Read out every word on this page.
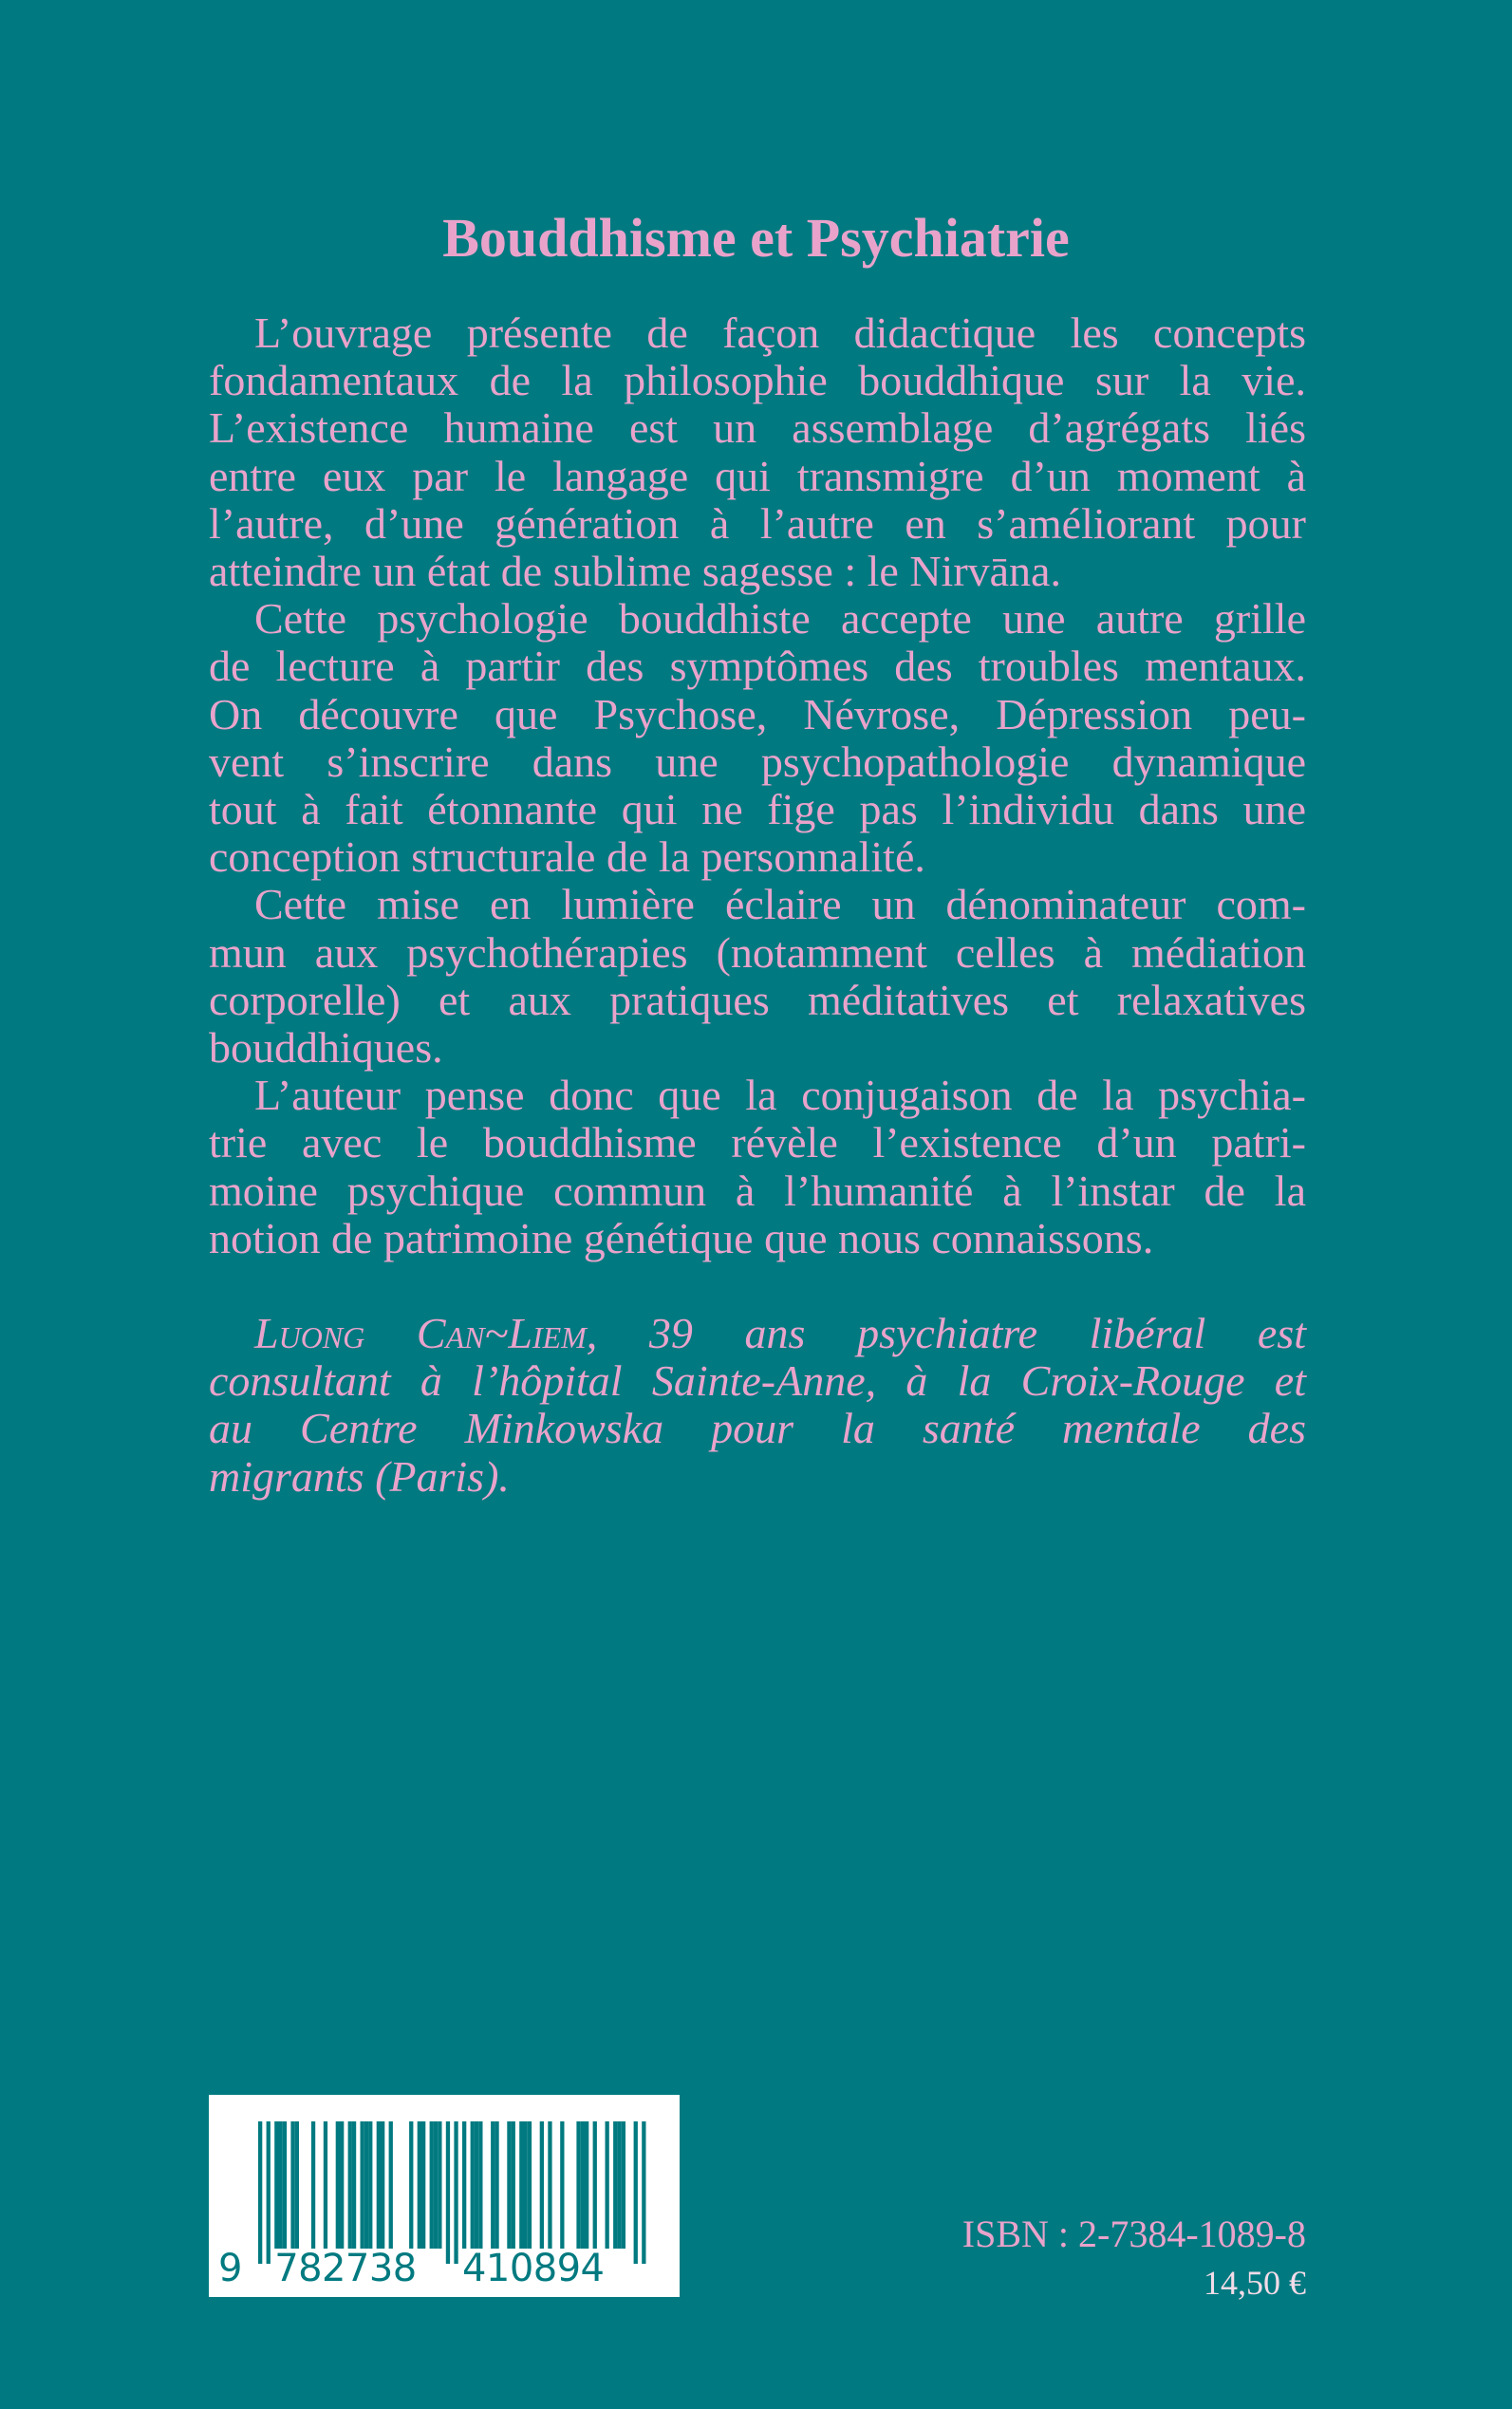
Bouddhisme et Psychiatrie
L’ouvrage présente de façon didactique les concepts
fondamentaux de la philosophie bouddhique sur la vie.
L’existence humaine est un assemblage d’agrégats liés
entre eux par le langage qui transmigre d’un moment à
l’autre, d’une génération à l’autre en s’améliorant pour
atteindre un état de sublime sagesse : le Nirvāna.
Cette psychologie bouddhiste accepte une autre grille
de lecture à partir des symptômes des troubles mentaux.
On découvre que Psychose, Névrose, Dépression peu-
vent s’inscrire dans une psychopathologie dynamique
tout à fait étonnante qui ne fige pas l’individu dans une
conception structurale de la personnalité.
Cette mise en lumière éclaire un dénominateur com-
mun aux psychothérapies (notamment celles à médiation
corporelle) et aux pratiques méditatives et relaxatives
bouddhiques.
L’auteur pense donc que la conjugaison de la psychia-
trie avec le bouddhisme révèle l’existence d’un patri-
moine psychique commun à l’humanité à l’instar de la
notion de patrimoine génétique que nous connaissons.
Luong Can~Liem, 39 ans psychiatre libéral est
consultant à l’hôpital Sainte-Anne, à la Croix-Rouge et
au Centre Minkowska pour la santé mentale des
migrants (Paris).
9 782738 410894
ISBN : 2-7384-1089-8
14,50 €
